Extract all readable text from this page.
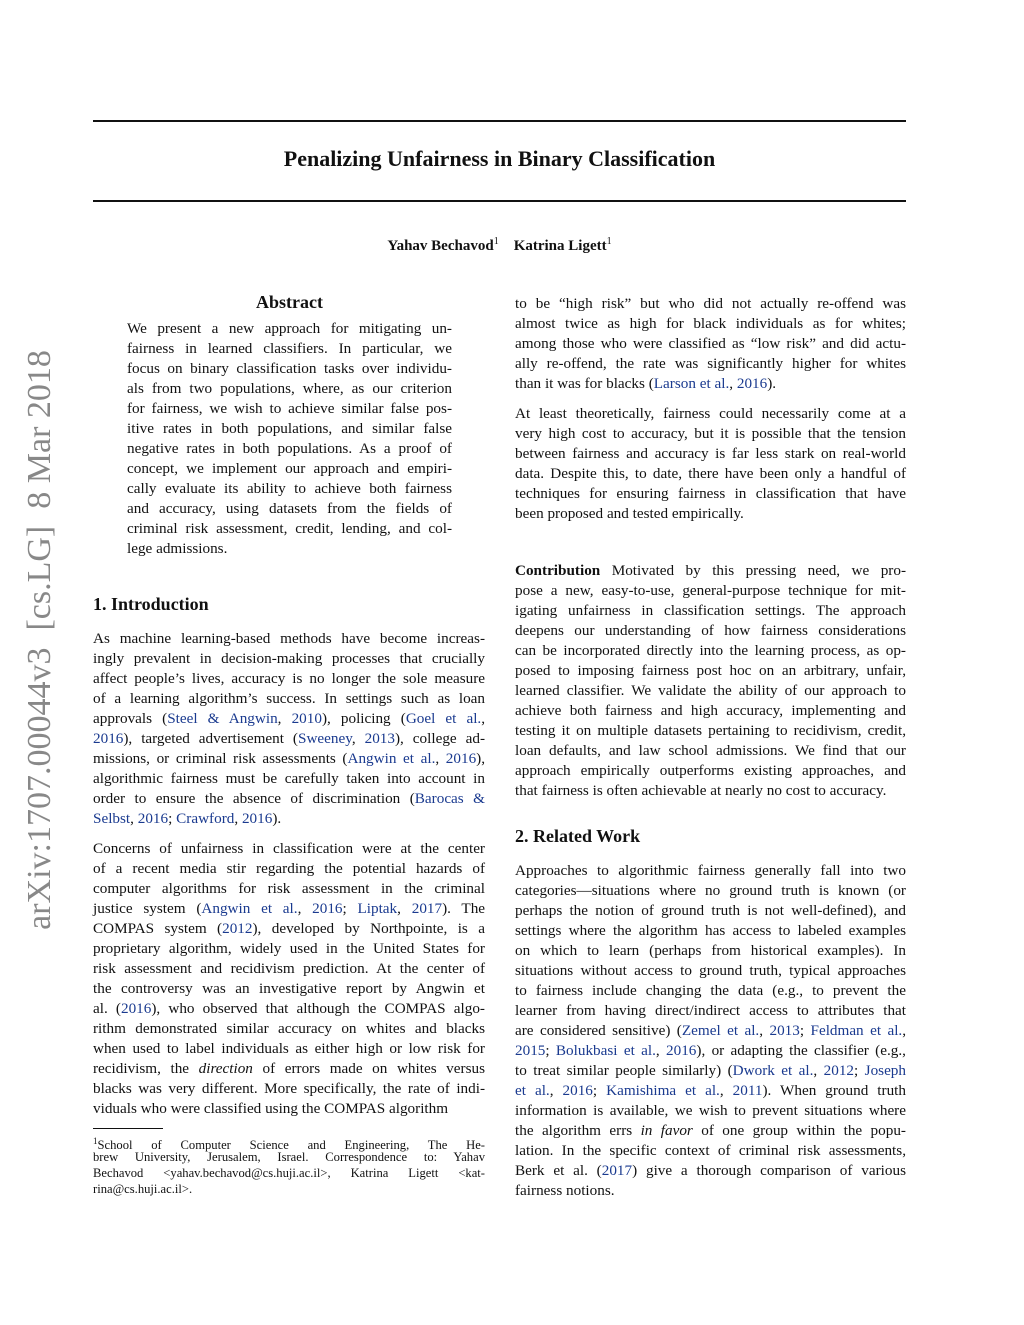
Penalizing Unfairness in Binary Classification
Yahav Bechavod$^1$ Katrina Ligett$^1$
arXiv:1707.00044v3  [cs.LG]  8 Mar 2018
Abstract
We present a new approach for mitigating un-
fairness in learned classifiers. In particular, we
focus on binary classification tasks over individu-
als from two populations, where, as our criterion
for fairness, we wish to achieve similar false pos-
itive rates in both populations, and similar false
negative rates in both populations. As a proof of
concept, we implement our approach and empiri-
cally evaluate its ability to achieve both fairness
and accuracy, using datasets from the fields of
criminal risk assessment, credit, lending, and col-
lege admissions.
1. Introduction
As machine learning-based methods have become increas-
ingly prevalent in decision-making processes that crucially
affect people’s lives, accuracy is no longer the sole measure
of a learning algorithm’s success. In settings such as loan
approvals (Steel & Angwin, 2010), policing (Goel et al.,
2016), targeted advertisement (Sweeney, 2013), college ad-
missions, or criminal risk assessments (Angwin et al., 2016),
algorithmic fairness must be carefully taken into account in
order to ensure the absence of discrimination (Barocas &
Selbst, 2016; Crawford, 2016).
Concerns of unfairness in classification were at the center
of a recent media stir regarding the potential hazards of
computer algorithms for risk assessment in the criminal
justice system (Angwin et al., 2016; Liptak, 2017). The
COMPAS system (2012), developed by Northpointe, is a
proprietary algorithm, widely used in the United States for
risk assessment and recidivism prediction. At the center of
the controversy was an investigative report by Angwin et
al. (2016), who observed that although the COMPAS algo-
rithm demonstrated similar accuracy on whites and blacks
when used to label individuals as either high or low risk for
recidivism, the direction of errors made on whites versus
blacks was very different. More specifically, the rate of indi-
viduals who were classified using the COMPAS algorithm
$^1$School of Computer Science and Engineering, The He-
brew University, Jerusalem, Israel. Correspondence to: Yahav
Bechavod <yahav.bechavod@cs.huji.ac.il>, Katrina Ligett <kat-
rina@cs.huji.ac.il>.
to be “high risk” but who did not actually re-offend was
almost twice as high for black individuals as for whites;
among those who were classified as “low risk” and did actu-
ally re-offend, the rate was significantly higher for whites
than it was for blacks (Larson et al., 2016).
At least theoretically, fairness could necessarily come at a
very high cost to accuracy, but it is possible that the tension
between fairness and accuracy is far less stark on real-world
data. Despite this, to date, there have been only a handful of
techniques for ensuring fairness in classification that have
been proposed and tested empirically.
Contribution Motivated by this pressing need, we pro-
pose a new, easy-to-use, general-purpose technique for mit-
igating unfairness in classification settings. The approach
deepens our understanding of how fairness considerations
can be incorporated directly into the learning process, as op-
posed to imposing fairness post hoc on an arbitrary, unfair,
learned classifier. We validate the ability of our approach to
achieve both fairness and high accuracy, implementing and
testing it on multiple datasets pertaining to recidivism, credit,
loan defaults, and law school admissions. We find that our
approach empirically outperforms existing approaches, and
that fairness is often achievable at nearly no cost to accuracy.
2. Related Work
Approaches to algorithmic fairness generally fall into two
categories—situations where no ground truth is known (or
perhaps the notion of ground truth is not well-defined), and
settings where the algorithm has access to labeled examples
on which to learn (perhaps from historical examples). In
situations without access to ground truth, typical approaches
to fairness include changing the data (e.g., to prevent the
learner from having direct/indirect access to attributes that
are considered sensitive) (Zemel et al., 2013; Feldman et al.,
2015; Bolukbasi et al., 2016), or adapting the classifier (e.g.,
to treat similar people similarly) (Dwork et al., 2012; Joseph
et al., 2016; Kamishima et al., 2011). When ground truth
information is available, we wish to prevent situations where
the algorithm errs in favor of one group within the popu-
lation. In the specific context of criminal risk assessments,
Berk et al. (2017) give a thorough comparison of various
fairness notions.
